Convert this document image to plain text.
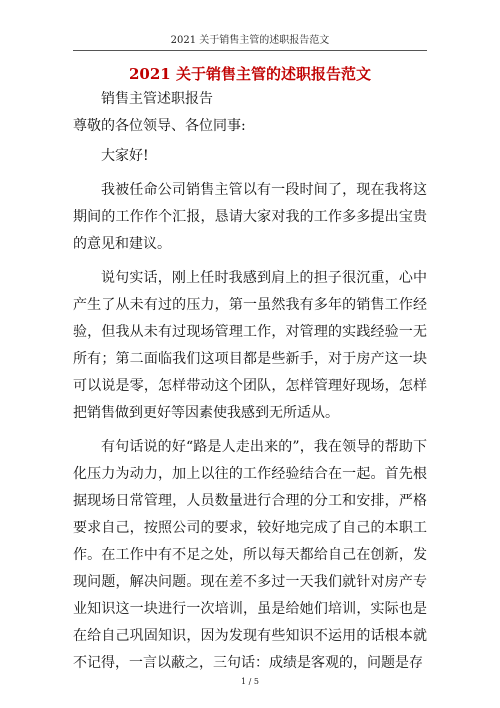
2021 关于销售主管的述职报告范文
2021 关于销售主管的述职报告范文

销售主管述职报告

尊敬的各位领导、各位同事:

大家好!

我被任命公司销售主管以有一段时间了，现在我将这期间的工作作个汇报，恳请大家对我的工作多多提出宝贵的意见和建议。

说句实话，刚上任时我感到肩上的担子很沉重，心中产生了从未有过的压力，第一虽然我有多年的销售工作经验，但我从未有过现场管理工作，对管理的实践经验一无所有；第二面临我们这项目都是些新手，对于房产这一块可以说是零，怎样带动这个团队，怎样管理好现场，怎样把销售做到更好等因素使我感到无所适从。

有句话说的好“路是人走出来的”，我在领导的帮助下化压力为动力，加上以往的工作经验结合在一起。首先根据现场日常管理，人员数量进行合理的分工和安排，严格要求自己，按照公司的要求，较好地完成了自己的本职工作。在工作中有不足之处，所以每天都给自己在创新，发现问题，解决问题。现在差不多过一天我们就针对房产专业知识这一块进行一次培训，虽是给她们培训，实际也是在给自己巩固知识，因为发现有些知识不运用的话根本就不记得，一言以蔽之，三句话：成绩是客观的，问题是存

1 / 5
